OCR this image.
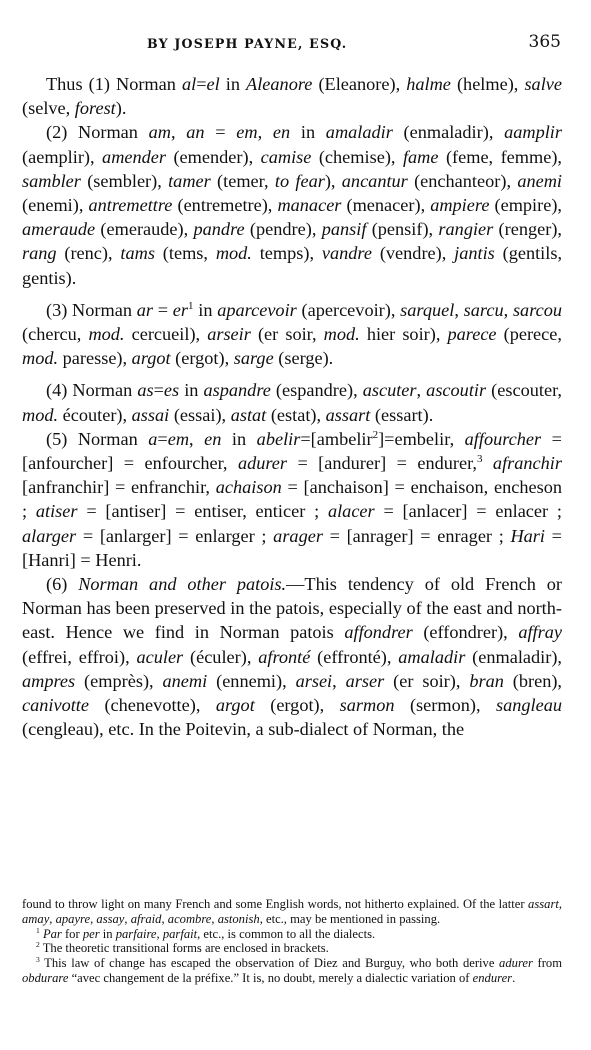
BY JOSEPH PAYNE, ESQ.	365

Thus (1) Norman al=el in Aleanore (Eleanore), halme (helme), salve (selve, forest).

(2) Norman am, an = em, en in amaladir (enmaladir), aamplir (aemplir), amender (emender), camise (chemise), fame (feme, femme), sambler (sembler), tamer (temer, to fear), ancantur (enchanteor), anemi (enemi), antremettre (entremetre), manacer (menacer), ampiere (empire), ameraude (emeraude), pandre (pendre), pansif (pensif), rangier (renger), rang (renc), tams (tems, mod. temps), vandre (vendre), jantis (gentils, gentis).

(3) Norman ar = $er^1$ in aparcevoir (apercevoir), sarquel, sarcu, sarcou (chercu, mod. cercueil), arseir (er soir, mod. hier soir), parece (perece, mod. paresse), argot (ergot), sarge (serge).

(4) Norman as=es in aspandre (espandre), ascuter, ascoutir (escouter, mod. écouter), assai (essai), astat (estat), assart (essart).

(5) Norman a=em, en in abelir=[ambelir$^2$]=embelir, affourcher = [anfourcher] = enfourcher, adurer = [andurer] = endurer,$^3$ afranchir [anfranchir] = enfranchir, achaison = [anchaison] = enchaison, encheson ; atiser = [antiser] = entiser, enticer ; alacer = [anlacer] = enlacer ; alarger = [anlarger] = enlarger ; arager = [anrager] = enrager ; Hari = [Hanri] = Henri.

(6) Norman and other patois.—This tendency of old French or Norman has been preserved in the patois, especially of the east and north-east. Hence we find in Norman patois affondrer (effondrer), affray (effrei, effroi), aculer (éculer), afronté (effronté), amaladir (enmaladir), ampres (emprès), anemi (ennemi), arsei, arser (er soir), bran (bren), canivotte (chenevotte), argot (ergot), sarmon (sermon), sangleau (cengleau), etc. In the Poitevin, a sub-dialect of Norman, the

found to throw light on many French and some English words, not hitherto explained. Of the latter assart, amay, apayre, assay, afraid, acombre, astonish, etc., may be mentioned in passing.

$^1$ Par for per in parfaire, parfait, etc., is common to all the dialects.

$^2$ The theoretic transitional forms are enclosed in brackets.

$^3$ This law of change has escaped the observation of Diez and Burguy, who both derive adurer from obdurare “avec changement de la préfixe.” It is, no doubt, merely a dialectic variation of endurer.
